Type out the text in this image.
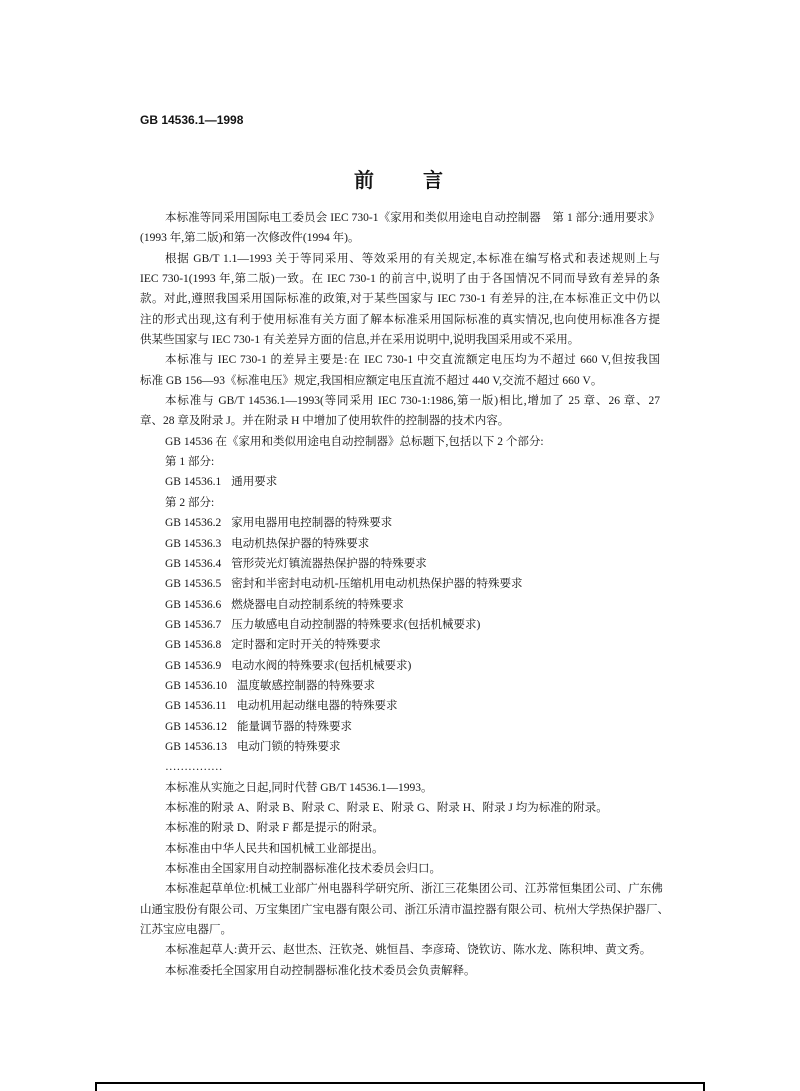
GB 14536.1—1998
前　　言
本标准等同采用国际电工委员会 IEC 730-1《家用和类似用途电自动控制器　第 1 部分:通用要求》
(1993 年,第二版)和第一次修改件(1994 年)。
根据 GB/T 1.1—1993 关于等同采用、等效采用的有关规定,本标准在编写格式和表述规则上与
IEC 730-1(1993 年,第二版)一致。在 IEC 730-1 的前言中,说明了由于各国情况不同而导致有差异的条
款。对此,遵照我国采用国际标准的政策,对于某些国家与 IEC 730-1 有差异的注,在本标准正文中仍以
注的形式出现,这有利于使用标准有关方面了解本标准采用国际标准的真实情况,也向使用标准各方提
供某些国家与 IEC 730-1 有关差异方面的信息,并在采用说明中,说明我国采用或不采用。
本标准与 IEC 730-1 的差异主要是:在 IEC 730-1 中交直流额定电压均为不超过 660 V,但按我国
标准 GB 156—93《标准电压》规定,我国相应额定电压直流不超过 440 V,交流不超过 660 V。
本标准与 GB/T 14536.1—1993(等同采用 IEC 730-1:1986,第一版)相比,增加了 25 章、26 章、27
章、28 章及附录 J。并在附录 H 中增加了使用软件的控制器的技术内容。
GB 14536 在《家用和类似用途电自动控制器》总标题下,包括以下 2 个部分:
第 1 部分:
GB 14536.1 通用要求
第 2 部分:
GB 14536.2 家用电器用电控制器的特殊要求
GB 14536.3 电动机热保护器的特殊要求
GB 14536.4 管形荧光灯镇流器热保护器的特殊要求
GB 14536.5 密封和半密封电动机-压缩机用电动机热保护器的特殊要求
GB 14536.6 燃烧器电自动控制系统的特殊要求
GB 14536.7 压力敏感电自动控制器的特殊要求(包括机械要求)
GB 14536.8 定时器和定时开关的特殊要求
GB 14536.9 电动水阀的特殊要求(包括机械要求)
GB 14536.10 温度敏感控制器的特殊要求
GB 14536.11 电动机用起动继电器的特殊要求
GB 14536.12 能量调节器的特殊要求
GB 14536.13 电动门锁的特殊要求
……………
本标准从实施之日起,同时代替 GB/T 14536.1—1993。
本标准的附录 A、附录 B、附录 C、附录 E、附录 G、附录 H、附录 J 均为标准的附录。
本标准的附录 D、附录 F 都是提示的附录。
本标准由中华人民共和国机械工业部提出。
本标准由全国家用自动控制器标准化技术委员会归口。
本标准起草单位:机械工业部广州电器科学研究所、浙江三花集团公司、江苏常恒集团公司、广东佛
山通宝股份有限公司、万宝集团广宝电器有限公司、浙江乐清市温控器有限公司、杭州大学热保护器厂、
江苏宝应电器厂。
本标准起草人:黄开云、赵世杰、汪钦尧、姚恒昌、李彦琦、饶钦访、陈水龙、陈积坤、黄文秀。
本标准委托全国家用自动控制器标准化技术委员会负责解释。
